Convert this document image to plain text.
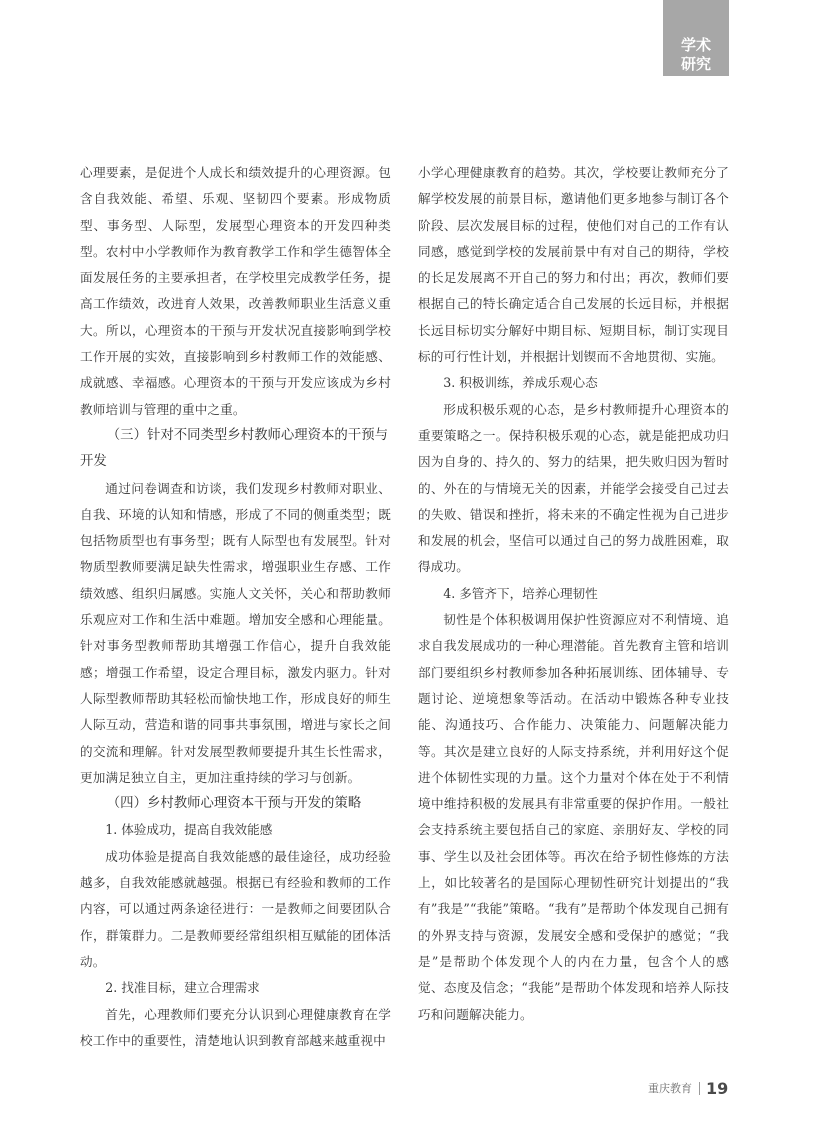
学术
研究

心理要素，是促进个人成长和绩效提升的心理资源。包含自我效能、希望、乐观、坚韧四个要素。形成物质型、事务型、人际型，发展型心理资本的开发四种类型。农村中小学教师作为教育教学工作和学生德智体全面发展任务的主要承担者，在学校里完成教学任务，提高工作绩效，改进育人效果，改善教师职业生活意义重大。所以，心理资本的干预与开发状况直接影响到学校工作开展的实效，直接影响到乡村教师工作的效能感、成就感、幸福感。心理资本的干预与开发应该成为乡村教师培训与管理的重中之重。

（三）针对不同类型乡村教师心理资本的干预与开发

通过问卷调查和访谈，我们发现乡村教师对职业、自我、环境的认知和情感，形成了不同的侧重类型；既包括物质型也有事务型；既有人际型也有发展型。针对物质型教师要满足缺失性需求，增强职业生存感、工作绩效感、组织归属感。实施人文关怀，关心和帮助教师乐观应对工作和生活中难题。增加安全感和心理能量。针对事务型教师帮助其增强工作信心，提升自我效能感；增强工作希望，设定合理目标，激发内驱力。针对人际型教师帮助其轻松而愉快地工作，形成良好的师生人际互动，营造和谐的同事共事氛围，增进与家长之间的交流和理解。针对发展型教师要提升其生长性需求，更加满足独立自主，更加注重持续的学习与创新。

（四）乡村教师心理资本干预与开发的策略

1. 体验成功，提高自我效能感

成功体验是提高自我效能感的最佳途径，成功经验越多，自我效能感就越强。根据已有经验和教师的工作内容，可以通过两条途径进行：一是教师之间要团队合作，群策群力。二是教师要经常组织相互赋能的团体活动。

2. 找准目标，建立合理需求

首先，心理教师们要充分认识到心理健康教育在学校工作中的重要性，清楚地认识到教育部越来越重视中

小学心理健康教育的趋势。其次，学校要让教师充分了解学校发展的前景目标，邀请他们更多地参与制订各个阶段、层次发展目标的过程，使他们对自己的工作有认同感，感觉到学校的发展前景中有对自己的期待，学校的长足发展离不开自己的努力和付出；再次，教师们要根据自己的特长确定适合自己发展的长远目标，并根据长远目标切实分解好中期目标、短期目标，制订实现目标的可行性计划，并根据计划锲而不舍地贯彻、实施。

3. 积极训练，养成乐观心态

形成积极乐观的心态，是乡村教师提升心理资本的重要策略之一。保持积极乐观的心态，就是能把成功归因为自身的、持久的、努力的结果，把失败归因为暂时的、外在的与情境无关的因素，并能学会接受自己过去的失败、错误和挫折，将未来的不确定性视为自己进步和发展的机会，坚信可以通过自己的努力战胜困难，取得成功。

4. 多管齐下，培养心理韧性

韧性是个体积极调用保护性资源应对不利情境、追求自我发展成功的一种心理潜能。首先教育主管和培训部门要组织乡村教师参加各种拓展训练、团体辅导、专题讨论、逆境想象等活动。在活动中锻炼各种专业技能、沟通技巧、合作能力、决策能力、问题解决能力等。其次是建立良好的人际支持系统，并利用好这个促进个体韧性实现的力量。这个力量对个体在处于不利情境中维持积极的发展具有非常重要的保护作用。一般社会支持系统主要包括自己的家庭、亲朋好友、学校的同事、学生以及社会团体等。再次在给予韧性修炼的方法上，如比较著名的是国际心理韧性研究计划提出的“我有”我是”“我能”策略。“我有”是帮助个体发现自己拥有的外界支持与资源，发展安全感和受保护的感觉；“我是”是帮助个体发现个人的内在力量，包含个人的感觉、态度及信念；“我能”是帮助个体发现和培养人际技巧和问题解决能力。

重庆教育 19
